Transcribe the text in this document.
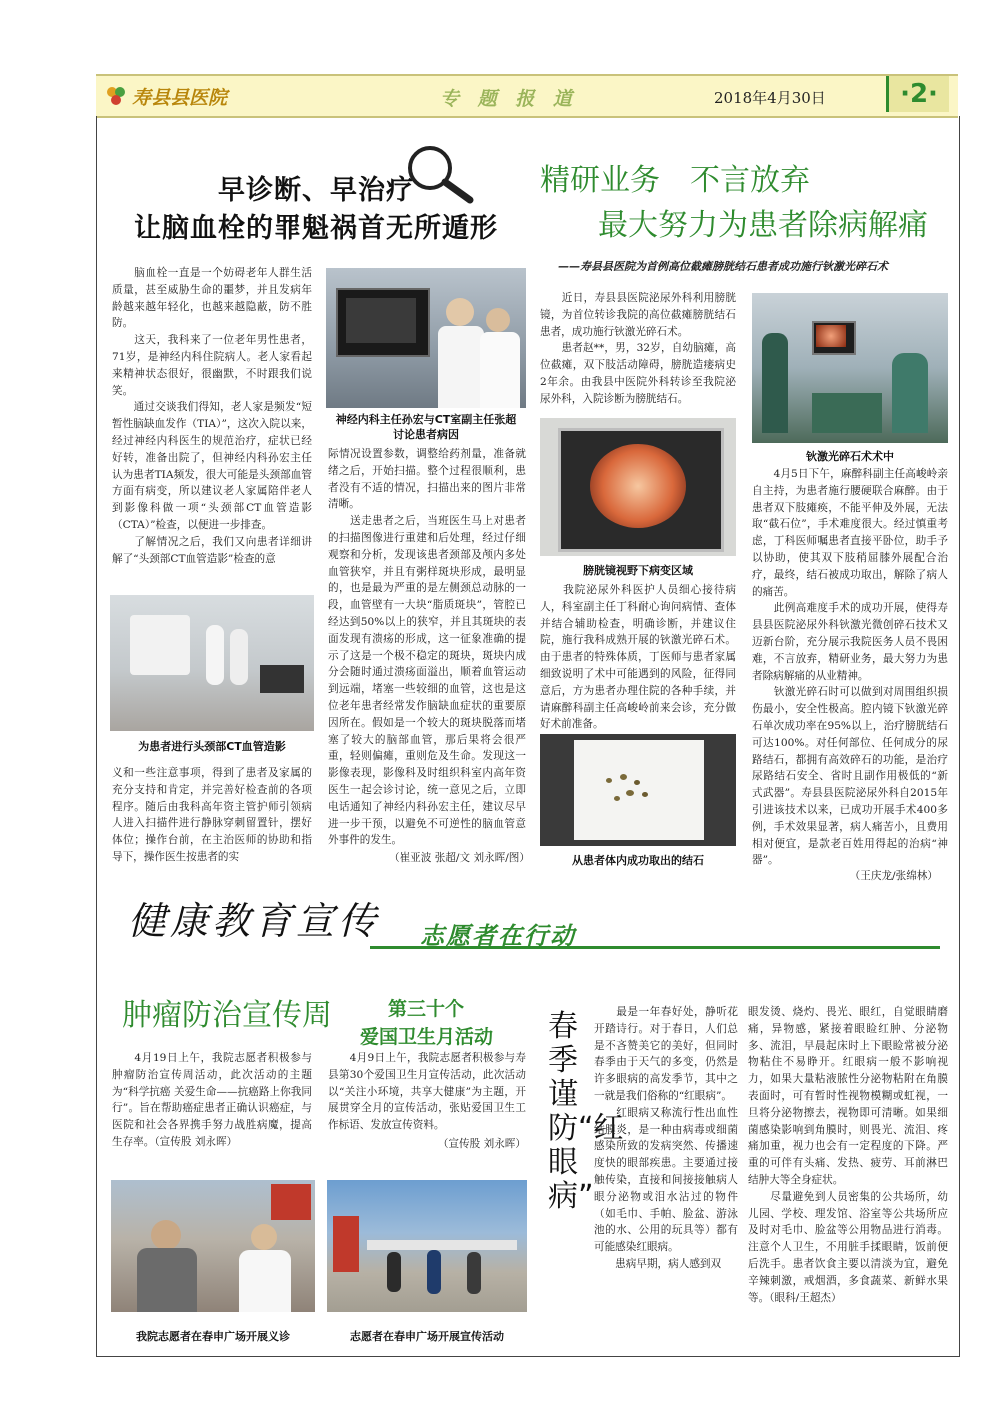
寿县县医院	专 题 报 道	2018年4月30日	·2·
早诊断、早治疗
让脑血栓的罪魁祸首无所遁形
　　脑血栓一直是一个妨碍老年人群生活质量，甚至威胁生命的噩梦，并且发病年龄越来越年轻化，也越来越隐蔽，防不胜防。
　　这天，我科来了一位老年男性患者，71岁，是神经内科住院病人。老人家看起来精神状态很好，很幽默，不时跟我们说笑。
　　通过交谈我们得知，老人家是频发“短暂性脑缺血发作（TIA）”，这次入院以来，经过神经内科医生的规范治疗，症状已经好转，准备出院了，但神经内科孙宏主任认为患者TIA频发，很大可能是头颈部血管方面有病变，所以建议老人家属陪伴老人到影像科做一项“头颈部CT血管造影（CTA）”检查，以便进一步排查。
　　了解情况之后，我们又向患者详细讲解了“头颈部CT血管造影”检查的意
为患者进行头颈部CT血管造影
义和一些注意事项，得到了患者及家属的充分支持和肯定，并完善好检查前的各项程序。随后由我科高年资主管护师引领病人进入扫描件进行静脉穿刺留置针，摆好体位；操作台前，在主治医师的协助和指导下，操作医生按患者的实
神经内科主任孙宏与CT室副主任张超
讨论患者病因
际情况设置参数，调整给药剂量，准备就绪之后，开始扫描。整个过程很顺利，患者没有不适的情况，扫描出来的图片非常清晰。
　　送走患者之后，当班医生马上对患者的扫描图像进行重建和后处理，经过仔细观察和分析，发现该患者颈部及颅内多处血管狭窄，并且有粥样斑块形成，最明显的，也是最为严重的是左侧颈总动脉的一段，血管壁有一大块“脂质斑块”，管腔已经达到50%以上的狭窄，并且其斑块的表面发现有溃疡的形成，这一征象准确的提示了这是一个极不稳定的斑块，斑块内成分会随时通过溃疡面溢出，顺着血管运动到远端，堵塞一些较细的血管，这也是这位老年患者经常发作脑缺血症状的重要原因所在。假如是一个较大的斑块脱落而堵塞了较大的脑部血管，那后果将会很严重，轻则偏瘫，重则危及生命。发现这一影像表现，影像科及时组织科室内高年资医生一起会诊讨论，统一意见之后，立即电话通知了神经内科孙宏主任，建议尽早进一步干预，以避免不可逆性的脑血管意外事件的发生。
（崔亚波 张超/文 刘永晖/图）
精研业务　不言放弃
最大努力为患者除病解痛
——寿县县医院为首例高位截瘫膀胱结石患者成功施行钬激光碎石术
　　近日，寿县县医院泌尿外科利用膀胱镜，为首位转诊我院的高位截瘫膀胱结石患者，成功施行钬激光碎石术。
　　患者赵**，男，32岁，自幼脑瘫，高位截瘫，双下肢活动障碍，膀胱造瘘病史2年余。由我县中医院外科转诊至我院泌尿外科，入院诊断为膀胱结石。
膀胱镜视野下病变区域
　　我院泌尿外科医护人员细心接待病人，科室副主任丁科耐心询问病情、查体并结合辅助检查，明确诊断，并建议住院，施行我科成熟开展的钬激光碎石术。由于患者的特殊体质，丁医师与患者家属细致说明了术中可能遇到的风险，征得同意后，方为患者办理住院的各种手续，并请麻醉科副主任高峻岭前来会诊，充分做好术前准备。
从患者体内成功取出的结石
钬激光碎石术术中
　　4月5日下午，麻醉科副主任高峻岭亲自主持，为患者施行腰硬联合麻醉。由于患者双下肢瘫痪，不能平伸及外展，无法取“截石位”，手术难度很大。经过慎重考虑，丁科医师嘱患者直接平卧位，助手予以协助，使其双下肢稍屈膝外展配合治疗，最终，结石被成功取出，解除了病人的痛苦。
　　此例高难度手术的成功开展，使得寿县县医院泌尿外科钬激光微创碎石技术又迈新台阶，充分展示我院医务人员不畏困难，不言放弃，精研业务，最大努力为患者除病解痛的从业精神。
　　钬激光碎石时可以做到对周围组织损伤最小，安全性极高。腔内镜下钬激光碎石单次成功率在95%以上，治疗膀胱结石可达100%。对任何部位、任何成分的尿路结石，都拥有高效碎石的功能，是治疗尿路结石安全、省时且副作用极低的“新式武器”。寿县县医院泌尿外科自2015年引进该技术以来，已成功开展手术400多例，手术效果显著，病人痛苦小，且费用相对便宜，是款老百姓用得起的治病“神器”。
（王庆龙/张绵林）
健康教育宣传 志愿者在行动
肿瘤防治宣传周
　　4月19日上午，我院志愿者积极参与肿瘤防治宣传周活动，此次活动的主题为“科学抗癌 关爱生命——抗癌路上你我同行”。旨在帮助癌症患者正确认识癌症，与医院和社会各界携手努力战胜病魔，提高生存率。（宣传股 刘永晖）
我院志愿者在春申广场开展义诊
第三十个
爱国卫生月活动
　　4月9日上午，我院志愿者积极参与寿县第30个爱国卫生月宣传活动，此次活动以“关注小环境，共享大健康”为主题，开展贯穿全月的宣传活动，张贴爱国卫生工作标语、发放宣传资料。
（宣传股 刘永晖）
志愿者在春申广场开展宣传活动
春季谨防“红眼病”
　　最是一年春好处，静听花开踏诗行。对于春日，人们总是不吝赞美它的美好，但同时春季由于天气的多变，仍然是许多眼病的高发季节，其中之一就是我们俗称的“红眼病”。
　　红眼病又称流行性出血性结膜炎，是一种由病毒或细菌感染所致的发病突然、传播速度快的眼部疾患。主要通过接触传染，直接和间接接触病人眼分泌物或泪水沾过的物件（如毛巾、手帕、脸盆、游泳池的水、公用的玩具等）都有可能感染红眼病。
　　患病早期，病人感到双
眼发烫、烧灼、畏光、眼红，自觉眼睛磨痛，异物感，紧接着眼睑红肿、分泌物多、流泪，早晨起床时上下眼睑常被分泌物粘住不易睁开。红眼病一般不影响视力，如果大量粘液脓性分泌物粘附在角膜表面时，可有暂时性视物模糊或虹视，一旦将分泌物擦去，视物即可清晰。如果细菌感染影响到角膜时，则畏光、流泪、疼痛加重，视力也会有一定程度的下降。严重的可伴有头痛、发热、疲劳、耳前淋巴结肿大等全身症状。
　　尽量避免到人员密集的公共场所，幼儿园、学校、理发馆、浴室等公共场所应及时对毛巾、脸盆等公用物品进行消毒。注意个人卫生，不用脏手揉眼睛，饭前便后洗手。患者饮食主要以清淡为宜，避免辛辣刺激，戒烟酒，多食蔬菜、新鲜水果等。（眼科/王超杰）
